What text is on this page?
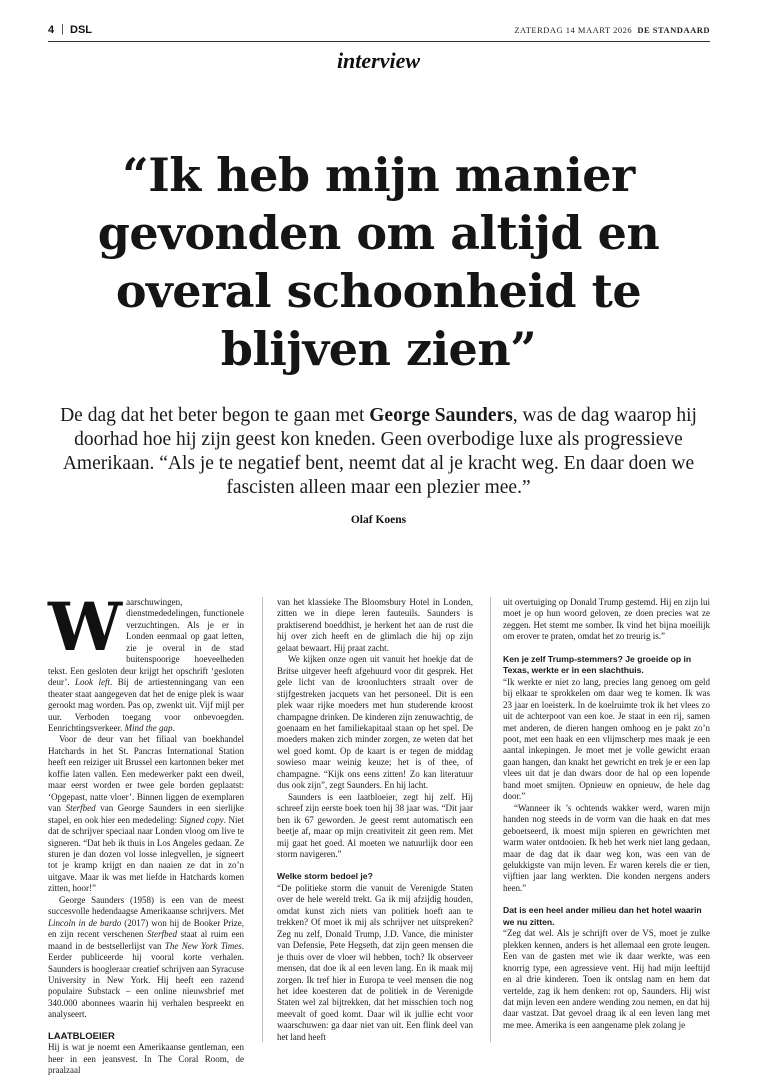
4 | DSL	ZATERDAG 14 MAART 2026 DE STANDAARD
interview
“Ik heb mijn manier gevonden om altijd en overal schoonheid te blijven zien”

De dag dat het beter begon te gaan met George Saunders, was de dag waarop hij doorhad hoe hij zijn geest kon kneden. Geen overbodige luxe als progressieve Amerikaan. “Als je te negatief bent, neemt dat al je kracht weg. En daar doen we fascisten alleen maar een plezier mee.”

Olaf Koens

Waarschuwingen, dienstmededelingen, functionele verzuchtingen. Als je er in Londen eenmaal op gaat letten, zie je overal in de stad buitenspoorige hoeveelheden tekst. Een gesloten deur krijgt het opschrift ‘gesloten deur’. Look left. Bij de artiestenningang van een theater staat aangegeven dat het de enige plek is waar gerookt mag worden. Pas op, zwenkt uit. Vijf mijl per uur. Verboden toegang voor onbevoegden. Eenrichtingsverkeer. Mind the gap.

Voor de deur van het filiaal van boekhandel Hatchards in het St. Pancras International Station heeft een reiziger uit Brussel een kartonnen beker met koffie laten vallen. Een medewerker pakt een dweil, maar eerst worden er twee gele borden geplaatst: ‘Opgepast, natte vloer’. Binnen liggen de exemplaren van Sterfbed van George Saunders in een sierlijke stapel, en ook hier een mededeling: Signed copy. Niet dat de schrijver speciaal naar Londen vloog om live te signeren. “Dat heb ik thuis in Los Angeles gedaan. Ze sturen je dan dozen vol losse inlegvellen, je signeert tot je kramp krijgt en dan naaien ze dat in zo’n uitgave. Maar ik was met liefde in Hatchards komen zitten, hoor!”

George Saunders (1958) is een van de meest succesvolle hedendaagse Amerikaanse schrijvers. Met Lincoln in de bardo (2017) won hij de Booker Prize, en zijn recent verschenen Sterfbed staat al ruim een maand in de bestsellerlijst van The New York Times. Eerder publiceerde hij vooral korte verhalen. Saunders is hoogleraar creatief schrijven aan Syracuse University in New York. Hij heeft een razend populaire Substack – een online nieuwsbrief met 340.000 abonnees waarin hij verhalen bespreekt en analyseert.

LAATBLOEIER

Hij is wat je noemt een Amerikaanse gentleman, een heer in een jeansvest. In The Coral Room, de praalzaal

van het klassieke The Bloomsbury Hotel in Londen, zitten we in diepe leren fauteuils. Saunders is praktiserend boeddhist, je herkent het aan de rust die hij over zich heeft en de glimlach die hij op zijn gelaat bewaart. Hij praat zacht.

We kijken onze ogen uit vanuit het hoekje dat de Britse uitgever heeft afgehuurd voor dit gesprek. Het gele licht van de kroonluchters straalt over de stijfgestreken jacquets van het personeel. Dit is een plek waar rijke moeders met hun studerende kroost champagne drinken. De kinderen zijn zenuwachtig, de goenaam en het familiekapitaal staan op het spel. De moeders maken zich minder zorgen, ze weten dat het wel goed komt. Op de kaart is er tegen de middag sowieso maar weinig keuze; het is of thee, of champagne. “Kijk ons eens zitten! Zo kan literatuur dus ook zijn”, zegt Saunders. En hij lacht.

Saunders is een laatbloeier, zegt hij zelf. Hij schreef zijn eerste boek toen hij 38 jaar was. “Dit jaar ben ik 67 geworden. Je geest remt automatisch een beetje af, maar op mijn creativiteit zit geen rem. Met mij gaat het goed. Al moeten we natuurlijk door een storm navigeren.”

Welke storm bedoel je?

“De politieke storm die vanuit de Verenigde Staten over de hele wereld trekt. Ga ik mij afzijdig houden, omdat kunst zich niets van politiek hoeft aan te trekken? Of moet ik mij als schrijver net uitspreken? Zeg nu zelf, Donald Trump, J.D. Vance, die minister van Defensie, Pete Hegseth, dat zijn geen mensen die je thuis over de vloer wil hebben, toch? Ik observeer mensen, dat doe ik al een leven lang. En ik maak mij zorgen. Ik tref hier in Europa te veel mensen die nog het idee koesteren dat de politiek in de Verenigde Staten wel zal bijtrekken, dat het misschien toch nog meevalt of goed komt. Daar wil ik jullie echt voor waarschuwen: ga daar niet van uit. Een flink deel van het land heeft

uit overtuiging op Donald Trump gestemd. Hij en zijn lui moet je op hun woord geloven, ze doen precies wat ze zeggen. Het stemt me somber. Ik vind het bijna moeilijk om erover te praten, omdat het zo treurig is.”

Ken je zelf Trump-stemmers? Je groeide op in Texas, werkte er in een slachthuis.

“Ik werkte er niet zo lang, precies lang genoeg om geld bij elkaar te sprokkelen om daar weg te komen. Ik was 23 jaar en loeisterk. In de koelruimte trok ik het vlees zo uit de achterpoot van een koe. Je staat in een rij, samen met anderen, de dieren hangen omhoog en je pakt zo’n poot, met een haak en een vlijmscherp mes maak je een aantal inkepingen. Je moet met je volle gewicht eraan gaan hangen, dan knakt het gewricht en trek je er een lap vlees uit dat je dan dwars door de hal op een lopende band moet smijten. Opnieuw en opnieuw, de hele dag door.”

“Wanneer ik ’s ochtends wakker werd, waren mijn handen nog steeds in de vorm van die haak en dat mes geboetseerd, ik moest mijn spieren en gewrichten met warm water ontdooien. Ik heb het werk niet lang gedaan, maar de dag dat ik daar weg kon, was een van de gelukkigste van mijn leven. Er waren kerels die er tien, vijftien jaar lang werkten. Die konden nergens anders heen.”

Dat is een heel ander milieu dan het hotel waarin we nu zitten.

“Zeg dat wel. Als je schrijft over de VS, moet je zulke plekken kennen, anders is het allemaal een grote leugen. Een van de gasten met wie ik daar werkte, was een knorrig type, een agressieve vent. Hij had mijn leeftijd en al drie kinderen. Toen ik ontslag nam en hem dat vertelde, zag ik hem denken: rot op, Saunders. Hij wist dat mijn leven een andere wending zou nemen, en dat hij daar vastzat. Dat gevoel draag ik al een leven lang met me mee. Amerika is een aangename plek zolang je
